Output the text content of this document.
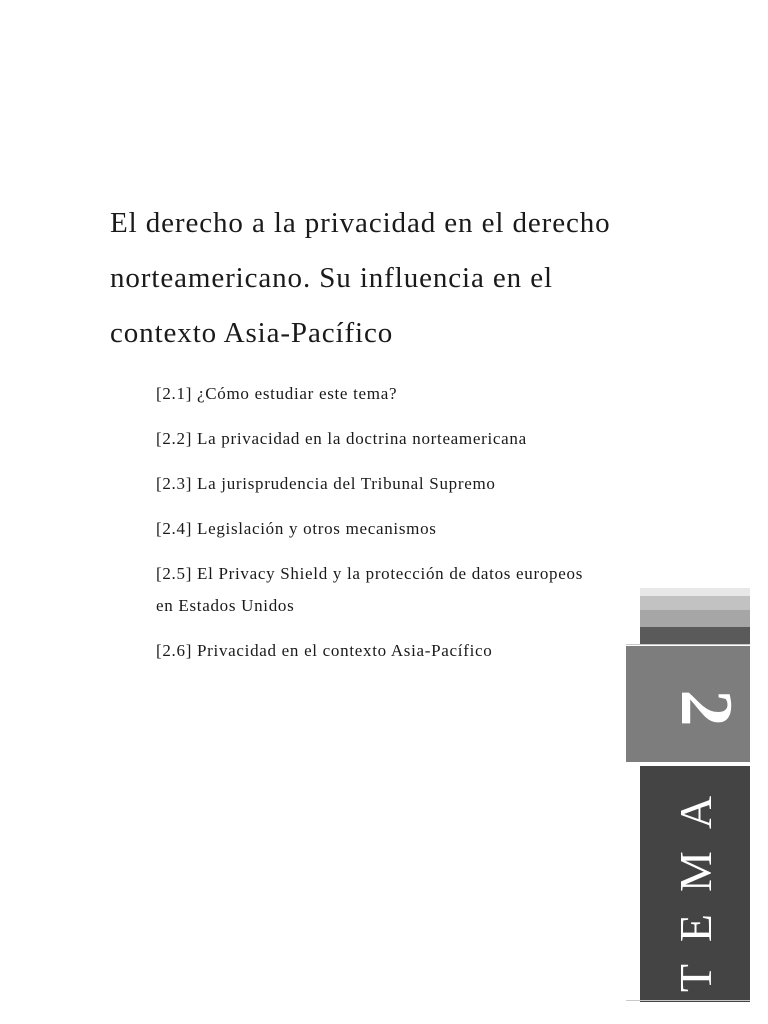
El derecho a la privacidad en el derecho
norteamericano. Su influencia en el
contexto Asia-Pacífico
[2.1] ¿Cómo estudiar este tema?
[2.2] La privacidad en la doctrina norteamericana
[2.3] La jurisprudencia del Tribunal Supremo
[2.4] Legislación y otros mecanismos
[2.5] El Privacy Shield y la protección de datos europeos en Estados Unidos
[2.6] Privacidad en el contexto Asia-Pacífico
2
TEMA
